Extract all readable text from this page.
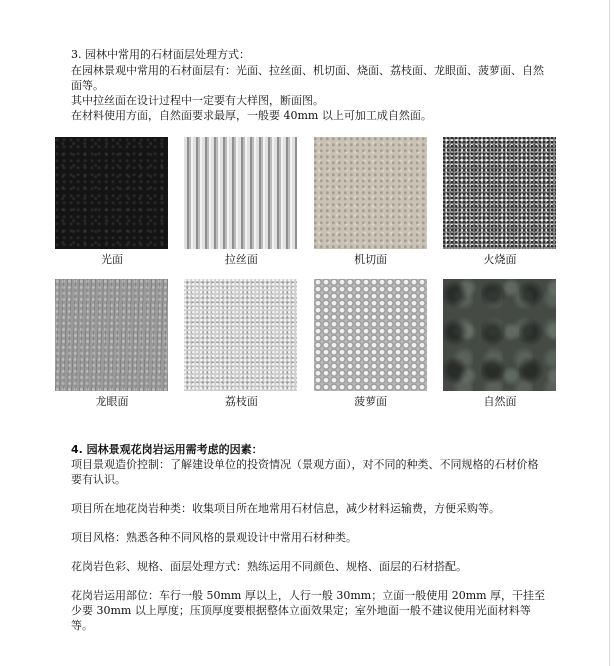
3. 园林中常用的石材面层处理方式：

在园林景观中常用的石材面层有：光面、拉丝面、机切面、烧面、荔枝面、龙眼面、菠萝面、自然面等。

其中拉丝面在设计过程中一定要有大样图，断面图。

在材料使用方面，自然面要求最厚，一般要 40mm 以上可加工成自然面。

光面	拉丝面	机切面	火烧面
龙眼面	荔枝面	菠萝面	自然面

4. 园林景观花岗岩运用需考虑的因素：

项目景观造价控制：了解建设单位的投资情况（景观方面），对不同的种类、不同规格的石材价格要有认识。

项目所在地花岗岩种类：收集项目所在地常用石材信息，减少材料运输费，方便采购等。

项目风格：熟悉各种不同风格的景观设计中常用石材种类。

花岗岩色彩、规格、面层处理方式：熟练运用不同颜色、规格、面层的石材搭配。

花岗岩运用部位：车行一般 50mm 厚以上，人行一般 30mm；立面一般使用 20mm 厚，干挂至少要 30mm 以上厚度；压顶厚度要根据整体立面效果定；室外地面一般不建议使用光面材料等等。
